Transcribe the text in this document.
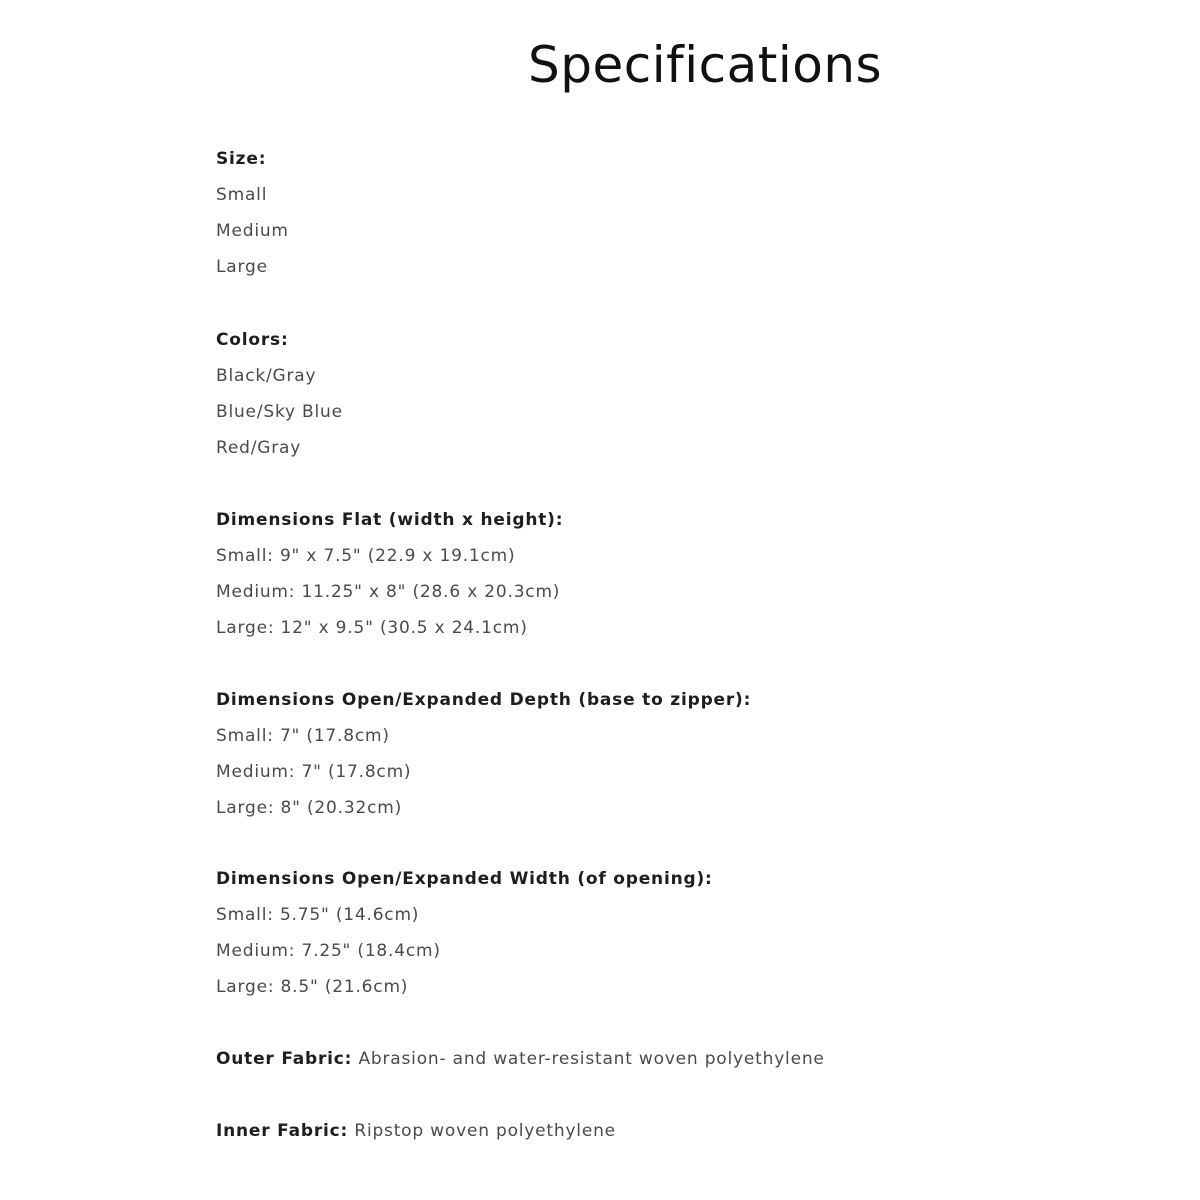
Specifications
Size:
Small
Medium
Large
Colors:
Black/Gray
Blue/Sky Blue
Red/Gray
Dimensions Flat (width x height):
Small: 9" x 7.5" (22.9 x 19.1cm)
Medium: 11.25" x 8" (28.6 x 20.3cm)
Large: 12" x 9.5" (30.5 x 24.1cm)
Dimensions Open/Expanded Depth (base to zipper):
Small: 7" (17.8cm)
Medium: 7" (17.8cm)
Large: 8" (20.32cm)
Dimensions Open/Expanded Width (of opening):
Small: 5.75" (14.6cm)
Medium: 7.25" (18.4cm)
Large: 8.5" (21.6cm)
Outer Fabric: Abrasion- and water-resistant woven polyethylene
Inner Fabric: Ripstop woven polyethylene
